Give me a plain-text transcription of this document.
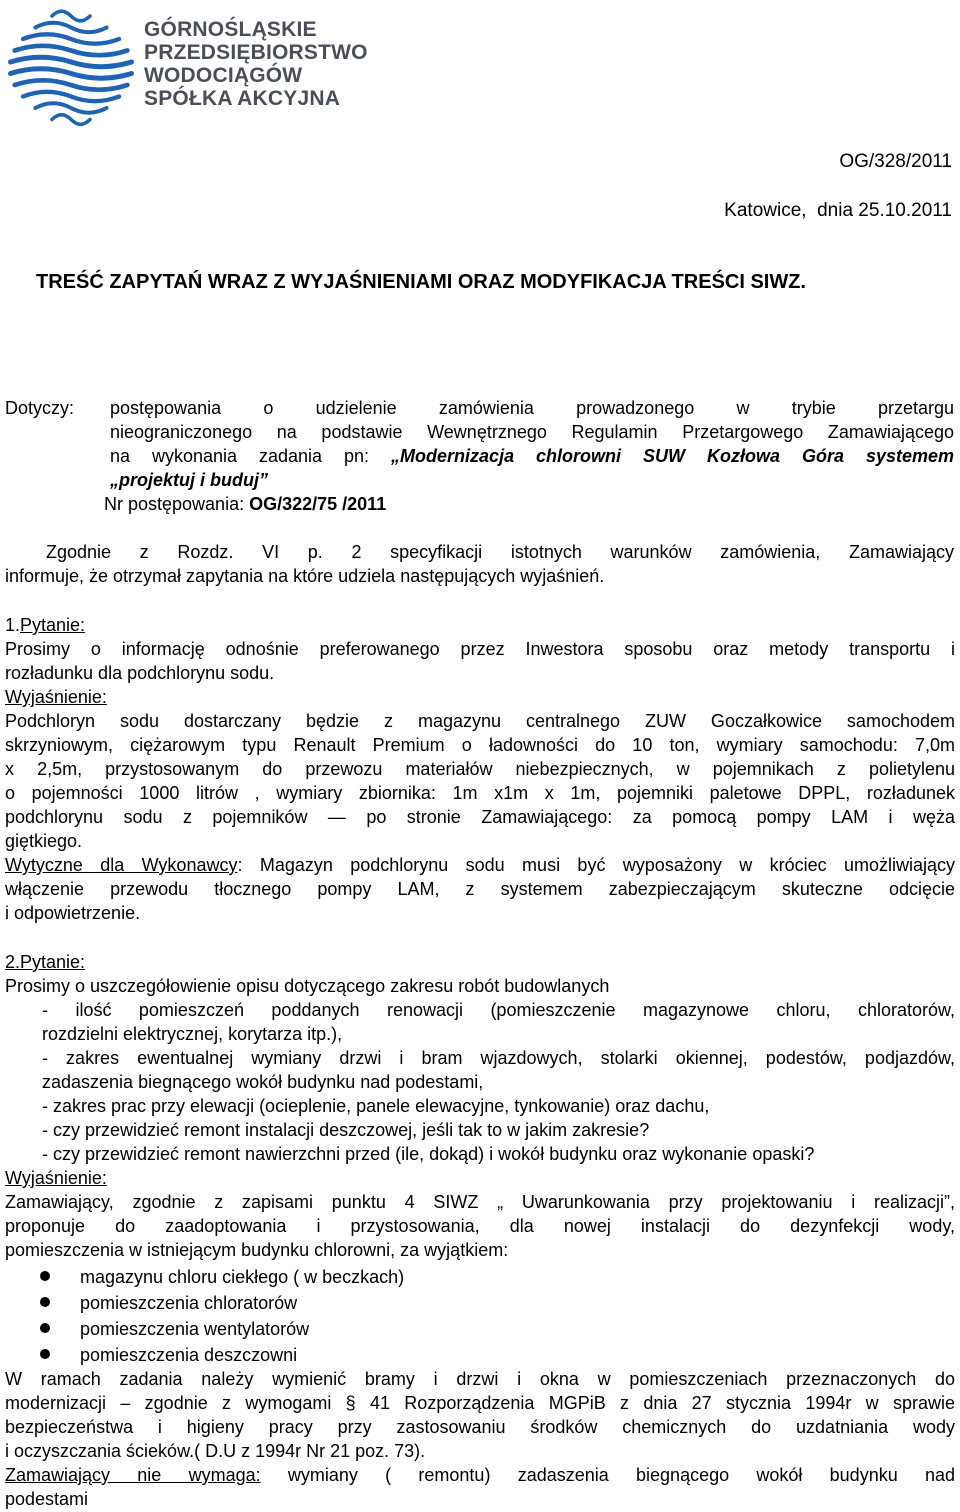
GÓRNOŚLĄSKIE
PRZEDSIĘBIORSTWO
WODOCIĄGÓW
SPÓŁKA AKCYJNA
OG/328/2011
Katowice,  dnia 25.10.2011
TREŚĆ ZAPYTAŃ WRAZ Z WYJAŚNIENIAMI ORAZ MODYFIKACJA TREŚCI SIWZ.
Dotyczy: postępowania o udzielenie zamówienia prowadzonego w trybie przetargu

nieograniczonego na podstawie Wewnętrznego Regulamin Przetargowego Zamawiającego

na wykonania zadania pn: „Modernizacja chlorowni SUW Kozłowa Góra systemem

„projektuj i buduj”

Nr postępowania: OG/322/75 /2011

Zgodnie z Rozdz. VI p. 2 specyfikacji istotnych warunków zamówienia, Zamawiający

informuje, że otrzymał zapytania na które udziela następujących wyjaśnień.

1.Pytanie:

Prosimy o informację odnośnie preferowanego przez Inwestora sposobu oraz metody transportu i

rozładunku dla podchlorynu sodu.

Wyjaśnienie:

Podchloryn sodu dostarczany będzie z magazynu centralnego ZUW Goczałkowice samochodem

skrzyniowym, ciężarowym typu Renault Premium o ładowności do 10 ton, wymiary samochodu: 7,0m

x 2,5m, przystosowanym do przewozu materiałów niebezpiecznych, w pojemnikach z polietylenu

o pojemności 1000 litrów , wymiary zbiornika: 1m x1m x 1m, pojemniki paletowe DPPL, rozładunek

podchlorynu sodu z pojemników — po stronie Zamawiającego: za pomocą pompy LAM i węża

giętkiego.

Wytyczne dla Wykonawcy: Magazyn podchlorynu sodu musi być wyposażony w króciec umożliwiający

włączenie przewodu tłocznego pompy LAM, z systemem zabezpieczającym skuteczne odcięcie

i odpowietrzenie.

2.Pytanie:

Prosimy o uszczegółowienie opisu dotyczącego zakresu robót budowlanych

- ilość pomieszczeń poddanych renowacji (pomieszczenie magazynowe chloru, chloratorów,

rozdzielni elektrycznej, korytarza itp.),

- zakres ewentualnej wymiany drzwi i bram wjazdowych, stolarki okiennej, podestów, podjazdów,

zadaszenia biegnącego wokół budynku nad podestami,

- zakres prac przy elewacji (ocieplenie, panele elewacyjne, tynkowanie) oraz dachu,

- czy przewidzieć remont instalacji deszczowej, jeśli tak to w jakim zakresie?

- czy przewidzieć remont nawierzchni przed (ile, dokąd) i wokół budynku oraz wykonanie opaski?

Wyjaśnienie:

Zamawiający, zgodnie z zapisami punktu 4 SIWZ „ Uwarunkowania przy projektowaniu i realizacji”,

proponuje do zaadoptowania i przystosowania, dla nowej instalacji do dezynfekcji wody,

pomieszczenia w istniejącym budynku chlorowni, za wyjątkiem:

magazynu chloru ciekłego ( w beczkach)

pomieszczenia chloratorów

pomieszczenia wentylatorów

pomieszczenia deszczowni

W ramach zadania należy wymienić bramy i drzwi i okna w pomieszczeniach przeznaczonych do

modernizacji – zgodnie z wymogami § 41 Rozporządzenia MGPiB z dnia 27 stycznia 1994r w sprawie

bezpieczeństwa i higieny pracy przy zastosowaniu środków chemicznych do uzdatniania wody

i oczyszczania ścieków.( D.U z 1994r Nr 21 poz. 73).

Zamawiający nie wymaga: wymiany ( remontu) zadaszenia biegnącego wokół budynku nad

podestami
